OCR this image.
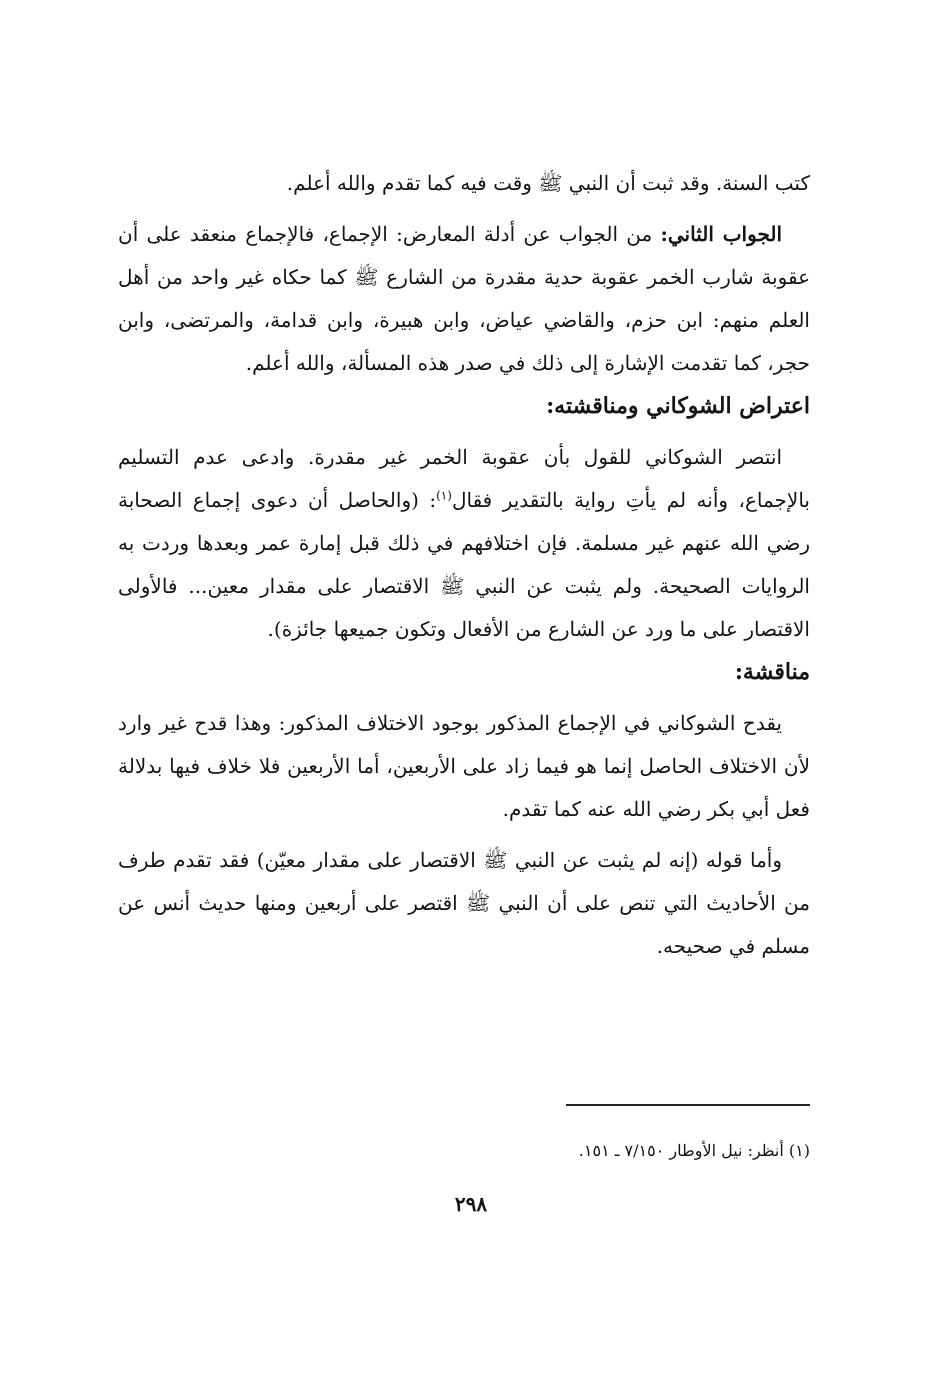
كتب السنة. وقد ثبت أن النبي ﷺ وقت فيه كما تقدم والله أعلم.

الجواب الثاني: من الجواب عن أدلة المعارض: الإجماع، فالإجماع منعقد على أن عقوبة شارب الخمر عقوبة حدية مقدرة من الشارع ﷺ كما حكاه غير واحد من أهل العلم منهم: ابن حزم، والقاضي عياض، وابن هبيرة، وابن قدامة، والمرتضى، وابن حجر، كما تقدمت الإشارة إلى ذلك في صدر هذه المسألة، والله أعلم.

اعتراض الشوكاني ومناقشته:

انتصر الشوكاني للقول بأن عقوبة الخمر غير مقدرة. وادعى عدم التسليم بالإجماع، وأنه لم يأتِ رواية بالتقدير فقال$^{(١)}$: (والحاصل أن دعوى إجماع الصحابة رضي الله عنهم غير مسلمة. فإن اختلافهم في ذلك قبل إمارة عمر وبعدها وردت به الروايات الصحيحة. ولم يثبت عن النبي ﷺ الاقتصار على مقدار معين... فالأولى الاقتصار على ما ورد عن الشارع من الأفعال وتكون جميعها جائزة).

مناقشة:

يقدح الشوكاني في الإجماع المذكور بوجود الاختلاف المذكور: وهذا قدح غير وارد لأن الاختلاف الحاصل إنما هو فيما زاد على الأربعين، أما الأربعين فلا خلاف فيها بدلالة فعل أبي بكر رضي الله عنه كما تقدم.

وأما قوله (إنه لم يثبت عن النبي ﷺ الاقتصار على مقدار معيّن) فقد تقدم طرف من الأحاديث التي تنص على أن النبي ﷺ اقتصر على أربعين ومنها حديث أنس عن مسلم في صحيحه.

(١) أنظر: نيل الأوطار ٧/١٥٠ ـ ١٥١.
٢٩٨
